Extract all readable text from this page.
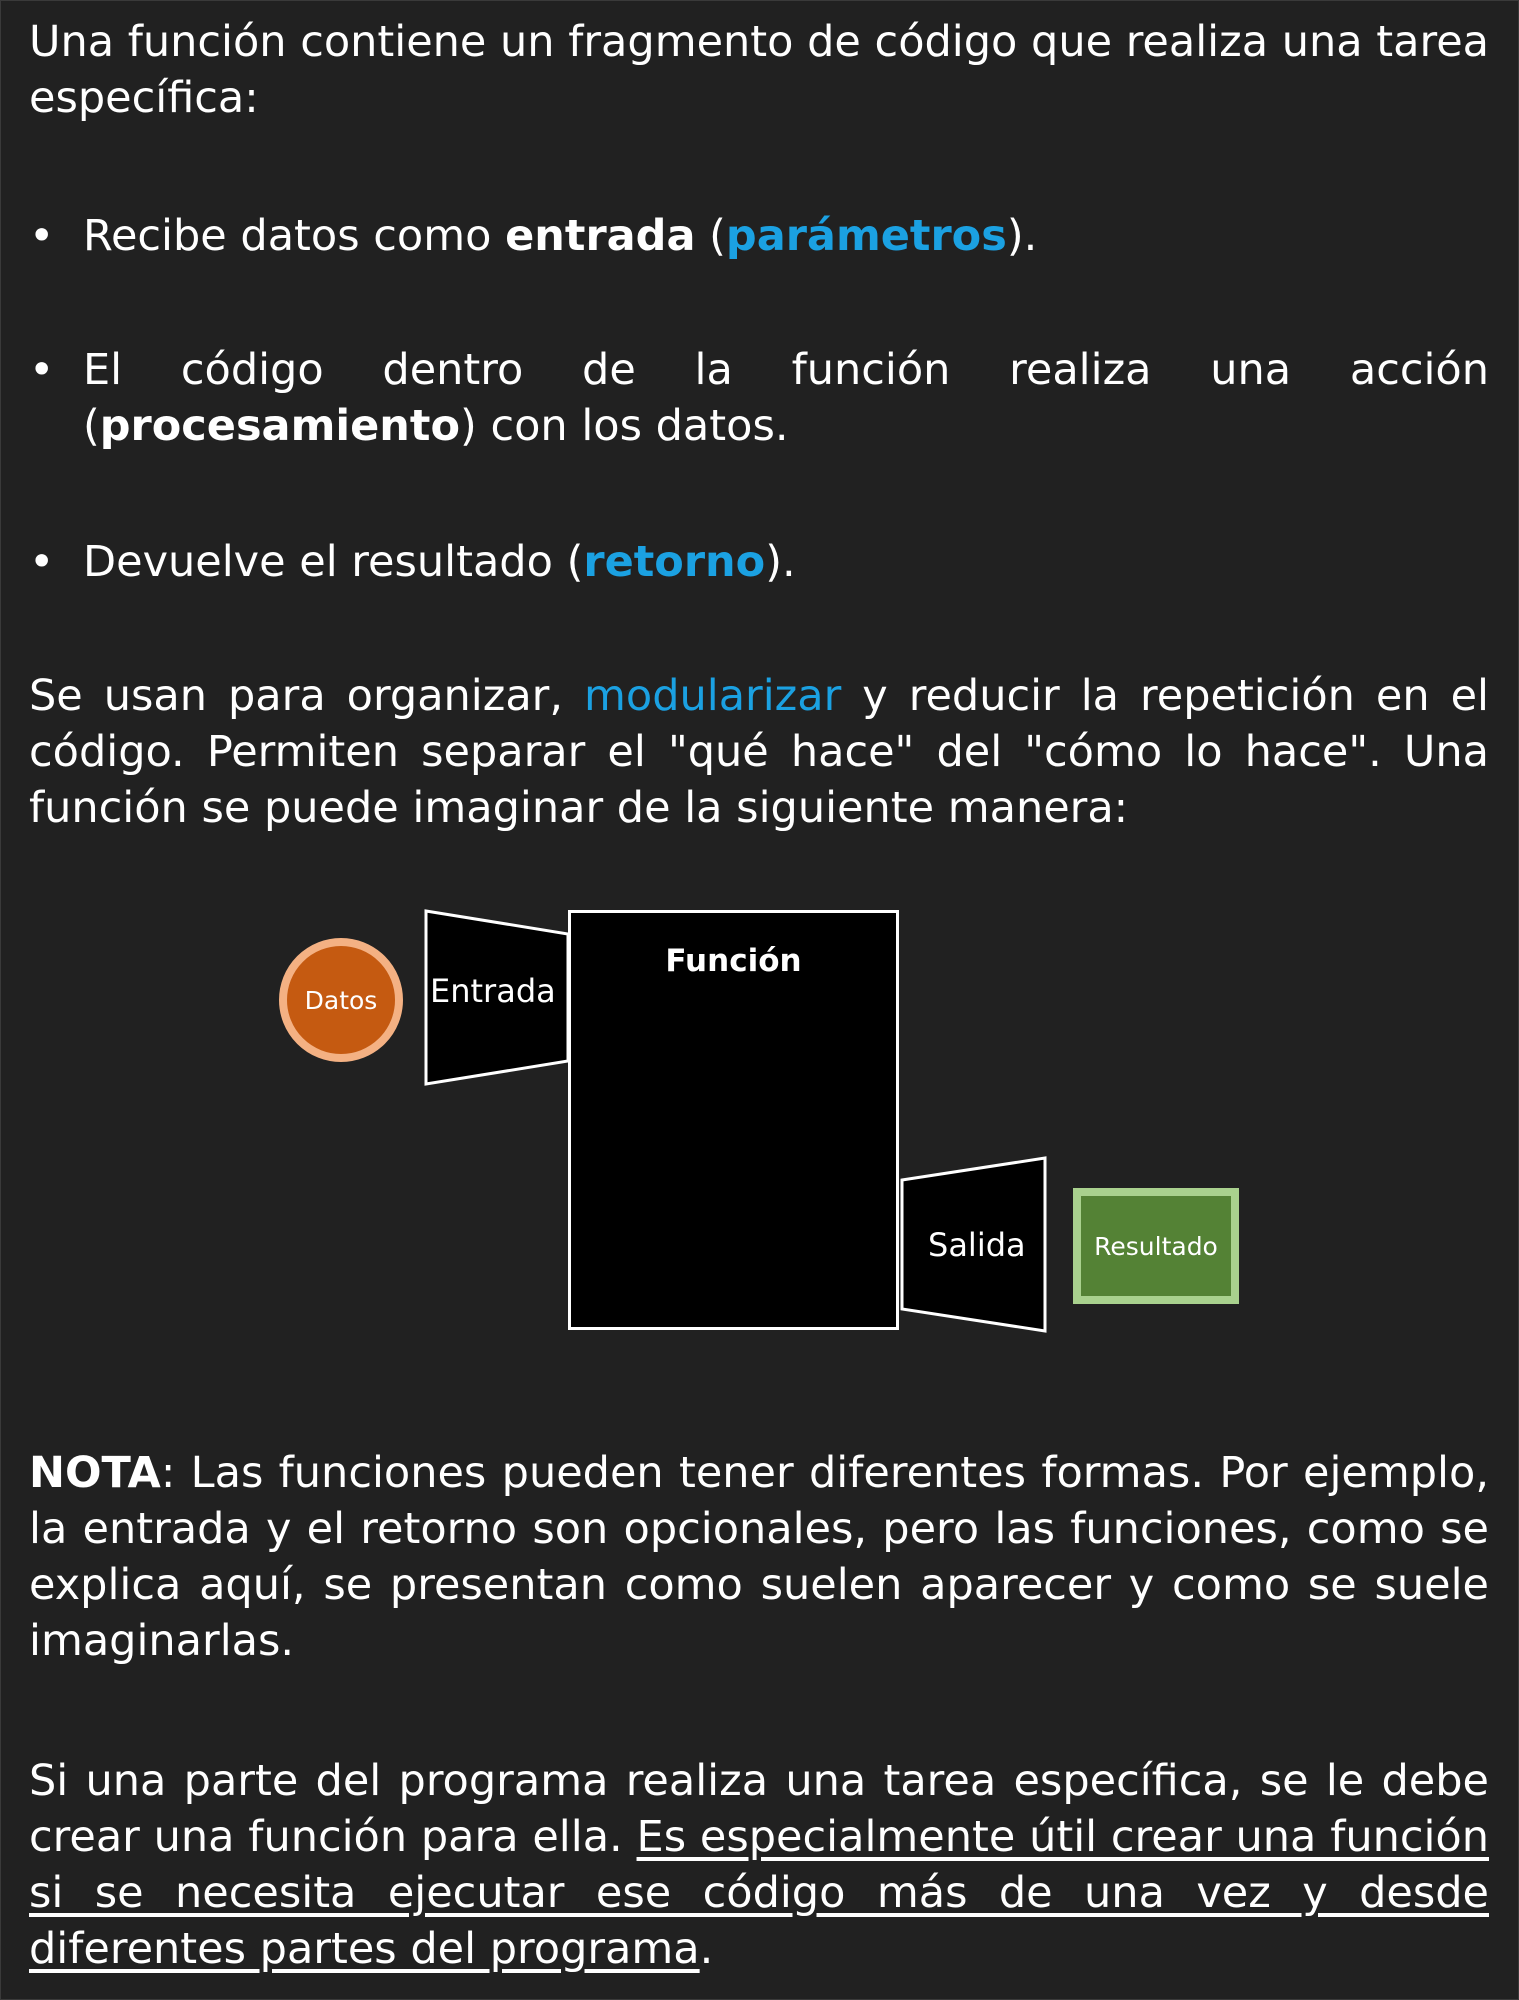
Una función contiene un fragmento de código que realiza una tarea específica:

• Recibe datos como entrada (parámetros).
• El código dentro de la función realiza una acción (procesamiento) con los datos.
• Devuelve el resultado (retorno).

Se usan para organizar, modularizar y reducir la repetición en el código. Permiten separar el "qué hace" del "cómo lo hace". Una función se puede imaginar de la siguiente manera:

Datos Entrada
Función
Salida	Resultado

NOTA: Las funciones pueden tener diferentes formas. Por ejemplo, la entrada y el retorno son opcionales, pero las funciones, como se explica aquí, se presentan como suelen aparecer y como se suele imaginarlas.

Si una parte del programa realiza una tarea específica, se le debe crear una función para ella. Es especialmente útil crear una función si se necesita ejecutar ese código más de una vez y desde diferentes partes del programa.
